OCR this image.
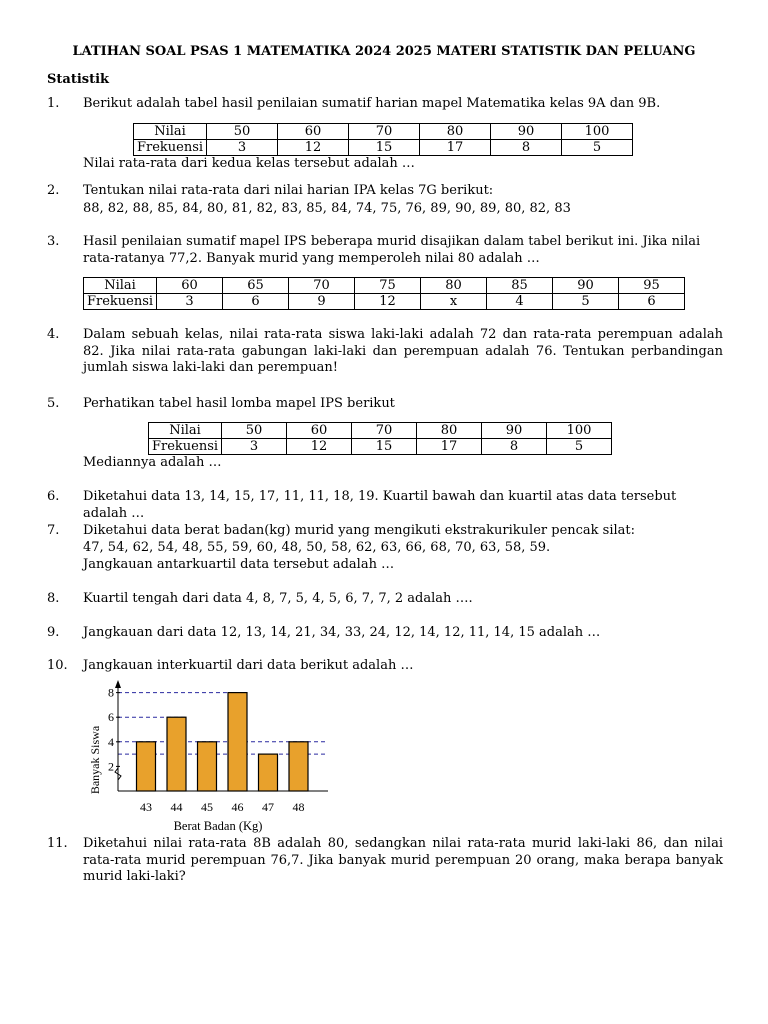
LATIHAN SOAL PSAS 1 MATEMATIKA 2024 2025 MATERI STATISTIK DAN PELUANG
Statistik
1. Berikut adalah tabel hasil penilaian sumatif harian mapel Matematika kelas 9A dan 9B.
Nilai	50	60	70	80	90	100
Frekuensi	3	12	15	17	8	5
Nilai rata-rata dari kedua kelas tersebut adalah …
2. Tentukan nilai rata-rata dari nilai harian IPA kelas 7G berikut:
88, 82, 88, 85, 84, 80, 81, 82, 83, 85, 84, 74, 75, 76, 89, 90, 89, 80, 82, 83
3. Hasil penilaian sumatif mapel IPS beberapa murid disajikan dalam tabel berikut ini. Jika nilai rata-ratanya 77,2. Banyak murid yang memperoleh nilai 80 adalah …
Nilai	60	65	70	75	80	85	90	95
Frekuensi	3	6	9	12	x	4	5	6
4. Dalam sebuah kelas, nilai rata-rata siswa laki-laki adalah 72 dan rata-rata perempuan adalah 82. Jika nilai rata-rata gabungan laki-laki dan perempuan adalah 76. Tentukan perbandingan jumlah siswa laki-laki dan perempuan!
5. Perhatikan tabel hasil lomba mapel IPS berikut
Nilai	50	60	70	80	90	100
Frekuensi	3	12	15	17	8	5
Mediannya adalah …
6. Diketahui data 13, 14, 15, 17, 11, 11, 18, 19. Kuartil bawah dan kuartil atas data tersebut adalah …
7. Diketahui data berat badan(kg) murid yang mengikuti ekstrakurikuler pencak silat:
47, 54, 62, 54, 48, 55, 59, 60, 48, 50, 58, 62, 63, 66, 68, 70, 63, 58, 59.
Jangkauan antarkuartil data tersebut adalah …
8. Kuartil tengah dari data 4, 8, 7, 5, 4, 5, 6, 7, 7, 2 adalah ….
9. Jangkauan dari data 12, 13, 14, 21, 34, 33, 24, 12, 14, 12, 11, 14, 15 adalah …
10. Jangkauan interkuartil dari data berikut adalah …
2
4
6
8
43 44 45 46 47 48
Banyak Siswa
Berat Badan (Kg)
11. Diketahui nilai rata-rata 8B adalah 80, sedangkan nilai rata-rata murid laki-laki 86, dan nilai rata-rata murid perempuan 76,7. Jika banyak murid perempuan 20 orang, maka berapa banyak murid laki-laki?
